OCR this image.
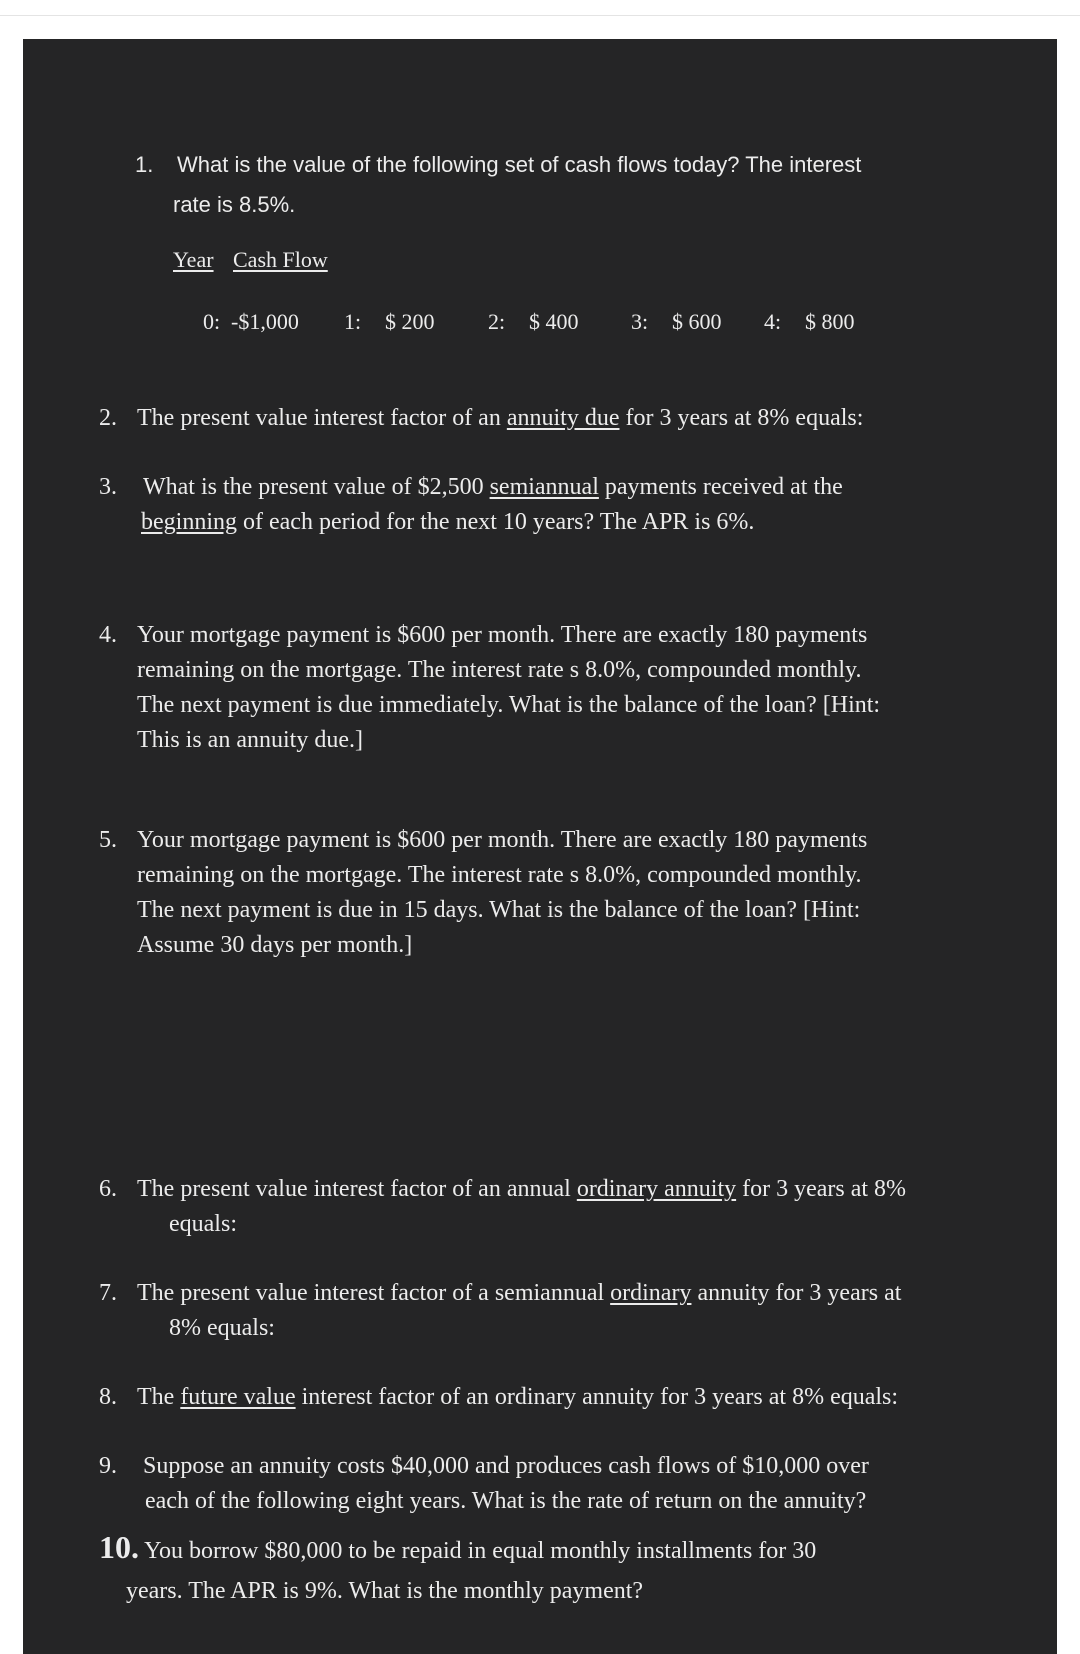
1. What is the value of the following set of cash flows today? The interest
rate is 8.5%.
Year Cash Flow
0: -$1,000 1: $ 200 2: $ 400 3: $ 600 4: $ 800
2. The present value interest factor of an annuity due for 3 years at 8% equals:
3.	What is the present value of $2,500 semiannual payments received at the
beginning of each period for the next 10 years? The APR is 6%.
4. Your mortgage payment is $600 per month. There are exactly 180 payments
remaining on the mortgage. The interest rate s 8.0%, compounded monthly.
The next payment is due immediately. What is the balance of the loan? [Hint:
This is an annuity due.]
5. Your mortgage payment is $600 per month. There are exactly 180 payments
remaining on the mortgage. The interest rate s 8.0%, compounded monthly.
The next payment is due in 15 days. What is the balance of the loan? [Hint:
Assume 30 days per month.]
6. The present value interest factor of an annual ordinary annuity for 3 years at 8%
equals:
7. The present value interest factor of a semiannual ordinary annuity for 3 years at
8% equals:
8. The future value interest factor of an ordinary annuity for 3 years at 8% equals:
9.	Suppose an annuity costs $40,000 and produces cash flows of $10,000 over
each of the following eight years. What is the rate of return on the annuity?
10. You borrow $80,000 to be repaid in equal monthly installments for 30
years. The APR is 9%. What is the monthly payment?
